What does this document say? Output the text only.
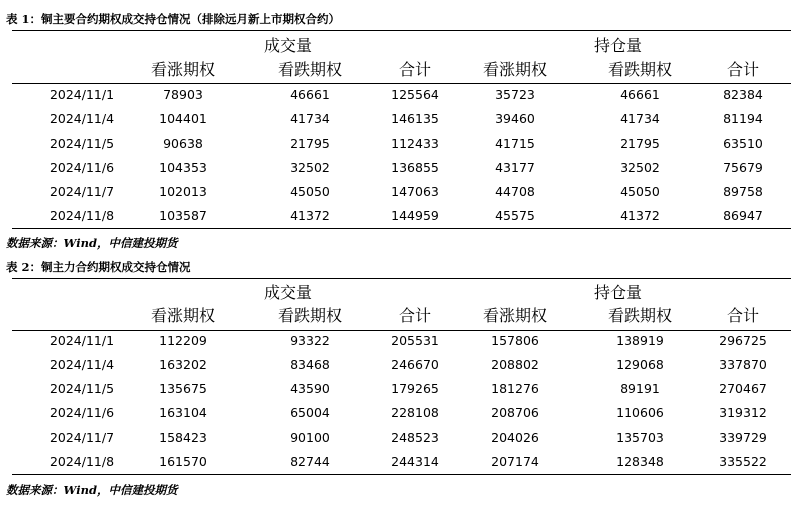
表 1：铜主要合约期权成交持仓情况（排除远月新上市期权合约）
成交量	持仓量
看涨期权	看跌期权	合计	看涨期权	看跌期权	合计
2024/11/1	78903	46661	125564	35723	46661	82384
2024/11/4	104401	41734	146135	39460	41734	81194
2024/11/5	90638	21795	112433	41715	21795	63510
2024/11/6	104353	32502	136855	43177	32502	75679
2024/11/7	102013	45050	147063	44708	45050	89758
2024/11/8	103587	41372	144959	45575	41372	86947
数据来源：Wind，中信建投期货
表 2：铜主力合约期权成交持仓情况
成交量	持仓量
看涨期权	看跌期权	合计	看涨期权	看跌期权	合计
2024/11/1	112209	93322	205531	157806	138919	296725
2024/11/4	163202	83468	246670	208802	129068	337870
2024/11/5	135675	43590	179265	181276	89191	270467
2024/11/6	163104	65004	228108	208706	110606	319312
2024/11/7	158423	90100	248523	204026	135703	339729
2024/11/8	161570	82744	244314	207174	128348	335522
数据来源：Wind，中信建投期货
